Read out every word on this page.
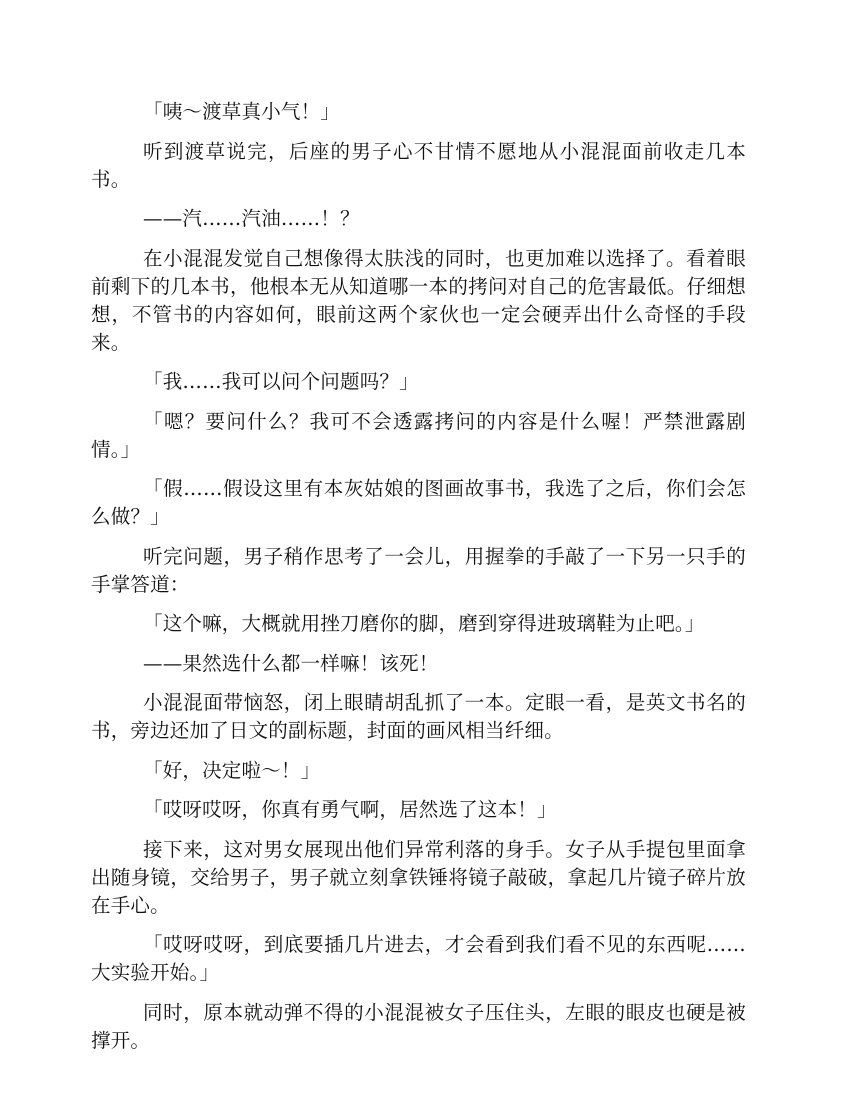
「咦～渡草真小气！」

听到渡草说完，后座的男子心不甘情不愿地从小混混面前收走几本书。

——汽……汽油……！？

在小混混发觉自己想像得太肤浅的同时，也更加难以选择了。看着眼前剩下的几本书，他根本无从知道哪一本的拷问对自己的危害最低。仔细想想，不管书的内容如何，眼前这两个家伙也一定会硬弄出什么奇怪的手段来。

「我……我可以问个问题吗？」

「嗯？要问什么？我可不会透露拷问的内容是什么喔！严禁泄露剧情。」

「假……假设这里有本灰姑娘的图画故事书，我选了之后，你们会怎么做？」

听完问题，男子稍作思考了一会儿，用握拳的手敲了一下另一只手的手掌答道：

「这个嘛，大概就用挫刀磨你的脚，磨到穿得进玻璃鞋为止吧。」

——果然选什么都一样嘛！该死！

小混混面带恼怒，闭上眼睛胡乱抓了一本。定眼一看，是英文书名的书，旁边还加了日文的副标题，封面的画风相当纤细。

「好，决定啦～！」

「哎呀哎呀，你真有勇气啊，居然选了这本！」

接下来，这对男女展现出他们异常利落的身手。女子从手提包里面拿出随身镜，交给男子，男子就立刻拿铁锤将镜子敲破，拿起几片镜子碎片放在手心。

「哎呀哎呀，到底要插几片进去，才会看到我们看不见的东西呢……大实验开始。」

同时，原本就动弹不得的小混混被女子压住头，左眼的眼皮也硬是被撑开。
